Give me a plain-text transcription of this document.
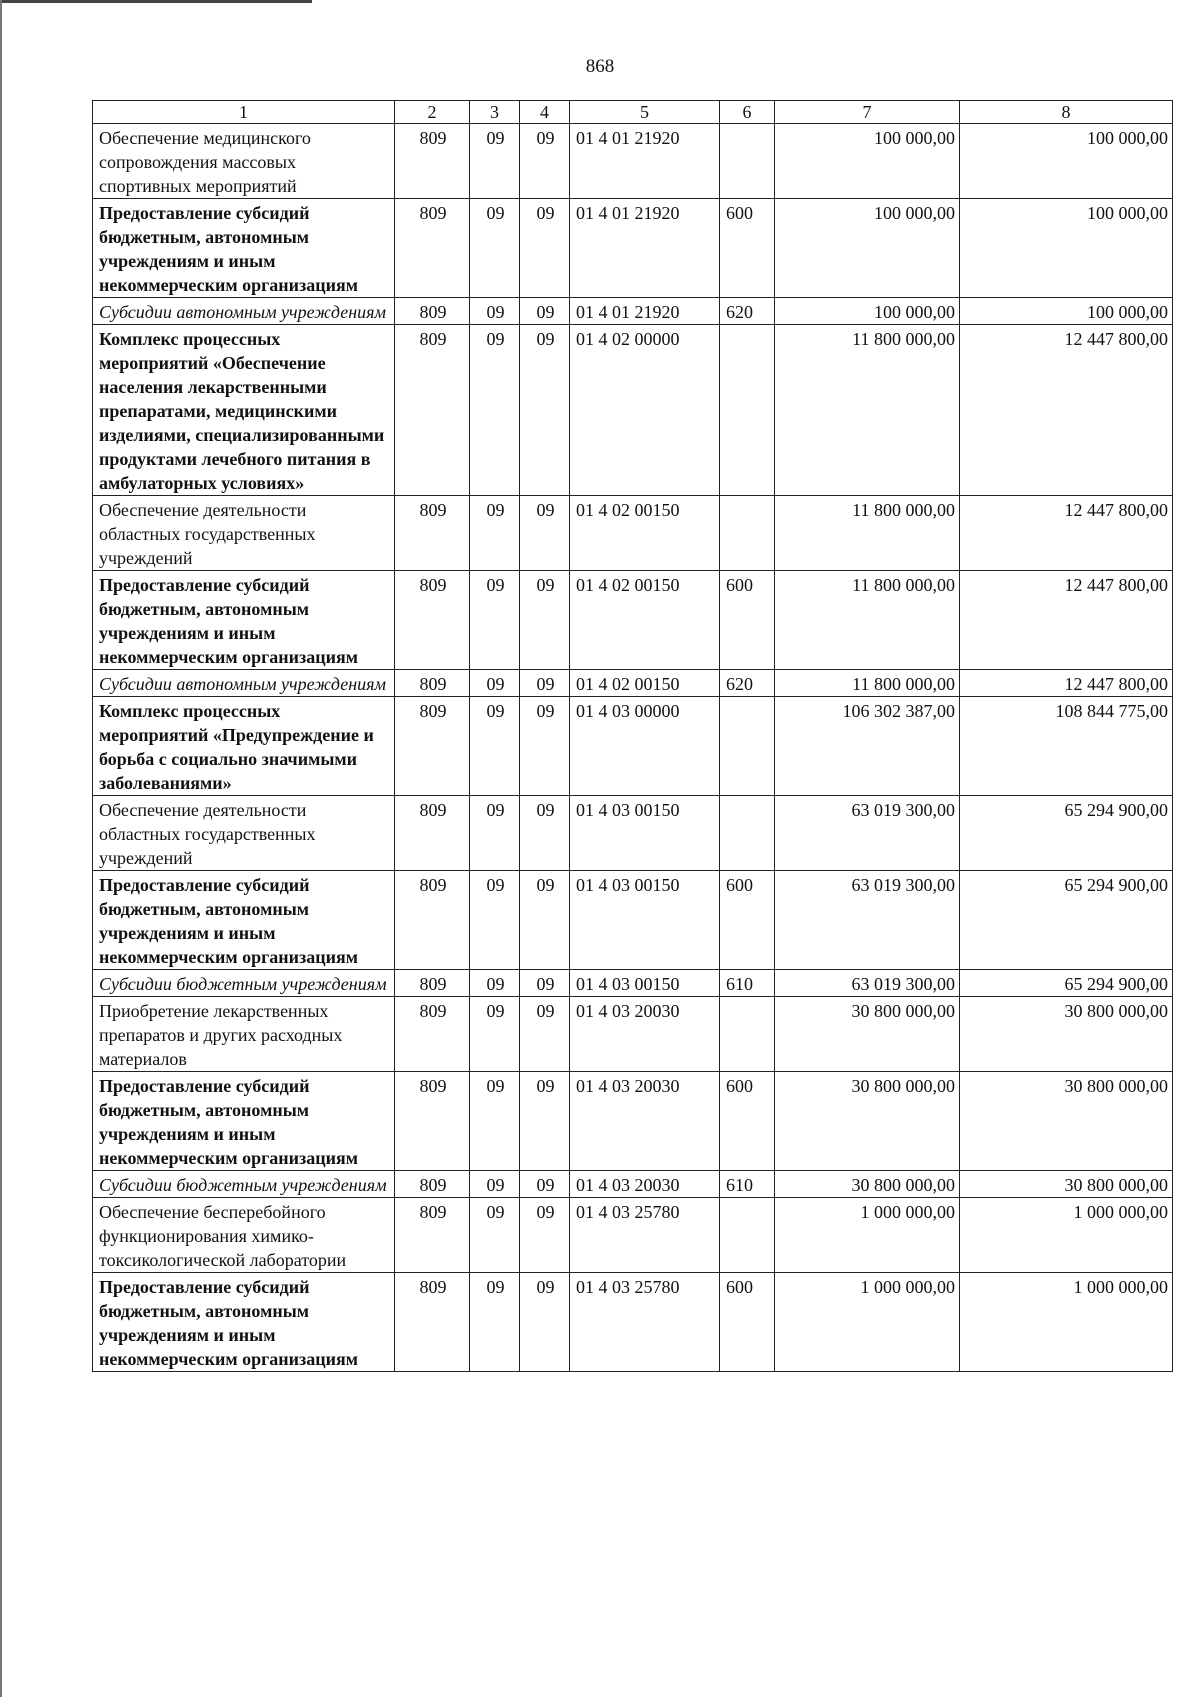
868
1	2	3	4	5	6	7	8
Обеспечение медицинского сопровождения массовых спортивных мероприятий	809	09	09	01 4 01 21920		100 000,00	100 000,00
Предоставление субсидий бюджетным, автономным учреждениям и иным некоммерческим организациям	809	09	09	01 4 01 21920	600	100 000,00	100 000,00
Субсидии автономным учреждениям	809	09	09	01 4 01 21920	620	100 000,00	100 000,00
Комплекс процессных мероприятий «Обеспечение населения лекарственными препаратами, медицинскими изделиями, специализированными продуктами лечебного питания в амбулаторных условиях»	809	09	09	01 4 02 00000		11 800 000,00	12 447 800,00
Обеспечение деятельности областных государственных учреждений	809	09	09	01 4 02 00150		11 800 000,00	12 447 800,00
Предоставление субсидий бюджетным, автономным учреждениям и иным некоммерческим организациям	809	09	09	01 4 02 00150	600	11 800 000,00	12 447 800,00
Субсидии автономным учреждениям	809	09	09	01 4 02 00150	620	11 800 000,00	12 447 800,00
Комплекс процессных мероприятий «Предупреждение и борьба с социально значимыми заболеваниями»	809	09	09	01 4 03 00000		106 302 387,00	108 844 775,00
Обеспечение деятельности областных государственных учреждений	809	09	09	01 4 03 00150		63 019 300,00	65 294 900,00
Предоставление субсидий бюджетным, автономным учреждениям и иным некоммерческим организациям	809	09	09	01 4 03 00150	600	63 019 300,00	65 294 900,00
Субсидии бюджетным учреждениям	809	09	09	01 4 03 00150	610	63 019 300,00	65 294 900,00
Приобретение лекарственных препаратов и других расходных материалов	809	09	09	01 4 03 20030		30 800 000,00	30 800 000,00
Предоставление субсидий бюджетным, автономным учреждениям и иным некоммерческим организациям	809	09	09	01 4 03 20030	600	30 800 000,00	30 800 000,00
Субсидии бюджетным учреждениям	809	09	09	01 4 03 20030	610	30 800 000,00	30 800 000,00
Обеспечение бесперебойного функционирования химико-токсикологической лаборатории	809	09	09	01 4 03 25780		1 000 000,00	1 000 000,00
Предоставление субсидий бюджетным, автономным учреждениям и иным некоммерческим организациям	809	09	09	01 4 03 25780	600	1 000 000,00	1 000 000,00
